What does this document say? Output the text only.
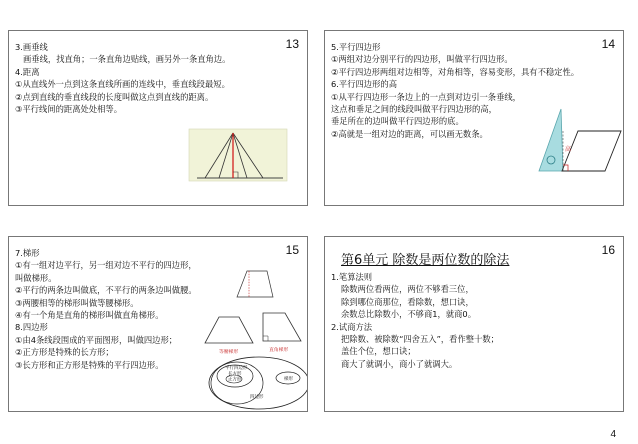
13
3.画垂线
画垂线，找直角；一条直角边贴线，画另外一条直角边。
4.距离
①从直线外一点到这条直线所画的连线中，垂直线段最短。
②点到直线的垂直线段的长度叫做这点到直线的距离。
③平行线间的距离处处相等。
14
5.平行四边形
①两组对边分别平行的四边形，叫做平行四边形。
②平行四边形两组对边相等，对角相等，容易变形，具有不稳定性。
6.平行四边形的高
①从平行四边形一条边上的一点到对边引一条垂线，
这点和垂足之间的线段叫做平行四边形的高，
垂足所在的边叫做平行四边形的底。
②高就是一组对边的距离，可以画无数条。
高
15
7.梯形
①有一组对边平行，另一组对边不平行的四边形，
叫做梯形。
②平行的两条边叫做底，不平行的两条边叫做腰。
③两腰相等的梯形叫做等腰梯形。
④有一个角是直角的梯形叫做直角梯形。
8.四边形
①由4条线段围成的平面图形，叫做四边形；
②正方形是特殊的长方形；
③长方形和正方形是特殊的平行四边形。
等腰梯形	直角梯形
平行四边形
长方形
正方形	梯形
四边形
16
第6单元 除数是两位数的除法
1.笔算法则
除数两位看两位，两位不够看三位，
除到哪位商那位，看除数，想口诀，
余数总比除数小，不够商1，就商0。
2.试商方法
把除数、被除数“四舍五入”，看作整十数；
盖住个位，想口诀；
商大了就调小，商小了就调大。
4
